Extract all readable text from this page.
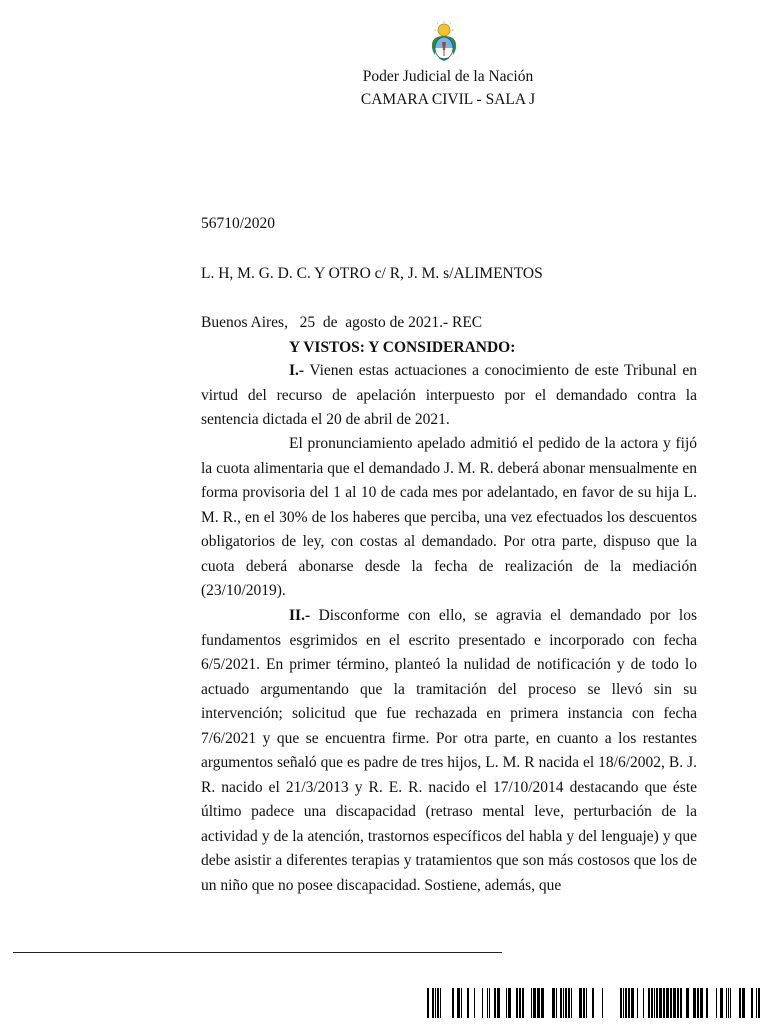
Poder Judicial de la Nación
CAMARA CIVIL - SALA J
56710/2020
L. H, M. G. D. C. Y OTRO c/ R, J. M. s/ALIMENTOS
Buenos Aires,   25  de  agosto de 2021.- REC
Y VISTOS: Y CONSIDERANDO:
I.- Vienen estas actuaciones a conocimiento de este Tribunal en virtud del recurso de apelación interpuesto por el demandado contra la sentencia dictada el 20 de abril de 2021.
El pronunciamiento apelado admitió el pedido de la actora y fijó la cuota alimentaria que el demandado J. M. R. deberá abonar mensualmente en forma provisoria del 1 al 10 de cada mes por adelantado, en favor de su hija L. M. R., en el 30% de los haberes que perciba, una vez efectuados los descuentos obligatorios de ley, con costas al demandado. Por otra parte, dispuso que la cuota deberá abonarse desde la fecha de realización de la mediación (23/10/2019).
II.- Disconforme con ello, se agravia el demandado por los fundamentos esgrimidos en el escrito presentado e incorporado con fecha 6/5/2021. En primer término, planteó la nulidad de notificación y de todo lo actuado argumentando que la tramitación del proceso se llevó sin su intervención; solicitud que fue rechazada en primera instancia con fecha 7/6/2021 y que se encuentra firme. Por otra parte, en cuanto a los restantes argumentos señaló que es padre de tres hijos, L. M. R nacida el 18/6/2002, B. J. R. nacido el 21/3/2013 y R. E. R. nacido el 17/10/2014 destacando que éste último padece una discapacidad (retraso mental leve, perturbación de la actividad y de la atención, trastornos específicos del habla y del lenguaje) y que debe asistir a diferentes terapias y tratamientos que son más costosos que los de un niño que no posee discapacidad. Sostiene, además, que
